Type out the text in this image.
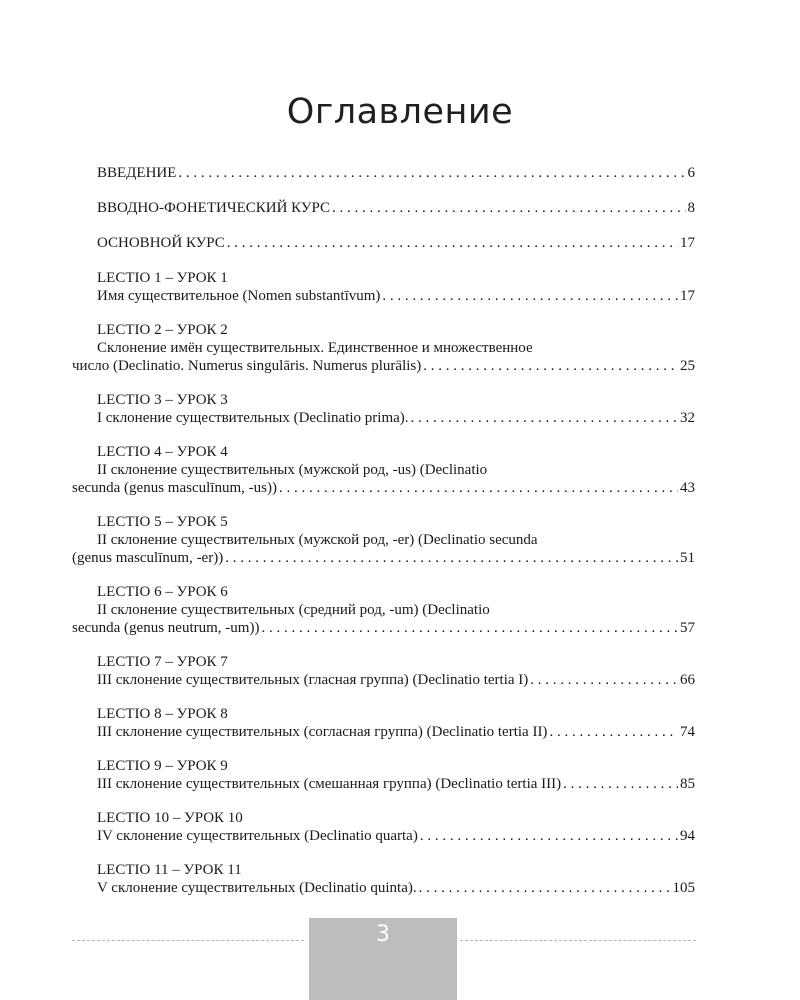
Оглавление
ВВЕДЕНИЕ . . .	6
ВВОДНО-ФОНЕТИЧЕСКИЙ КУРС . . .	8
ОСНОВНОЙ КУРС . . .	17
LECTIO 1 – УРОК 1
Имя существительное (Nomen substantīvum) . . .	17
LECTIO 2 – УРОК 2
Склонение имён существительных. Единственное и множественное
число (Declinatio. Numerus singulāris. Numerus plurālis) . . .	25
LECTIO 3 – УРОК 3
I склонение существительных (Declinatio prima). . . .	32
LECTIO 4 – УРОК 4
II склонение существительных (мужской род, -us) (Declinatio
secunda (genus masculīnum, -us)) . . .	43
LECTIO 5 – УРОК 5
II склонение существительных (мужской род, -er) (Declinatio secunda
(genus masculīnum, -er)) . . .	51
LECTIO 6 – УРОК 6
II склонение существительных (средний род, -um) (Declinatio
secunda (genus neutrum, -um)) . . .	57
LECTIO 7 – УРОК 7
III склонение существительных (гласная группа) (Declinatio tertia I) . . .	66
LECTIO 8 – УРОК 8
III склонение существительных (согласная группа) (Declinatio tertia II) . . .	74
LECTIO 9 – УРОК 9
III склонение существительных (смешанная группа) (Declinatio tertia III) . . .	85
LECTIO 10 – УРОК 10
IV склонение существительных (Declinatio quarta) . . .	94
LECTIO 11 – УРОК 11
V склонение существительных (Declinatio quinta). . . .	105
3
